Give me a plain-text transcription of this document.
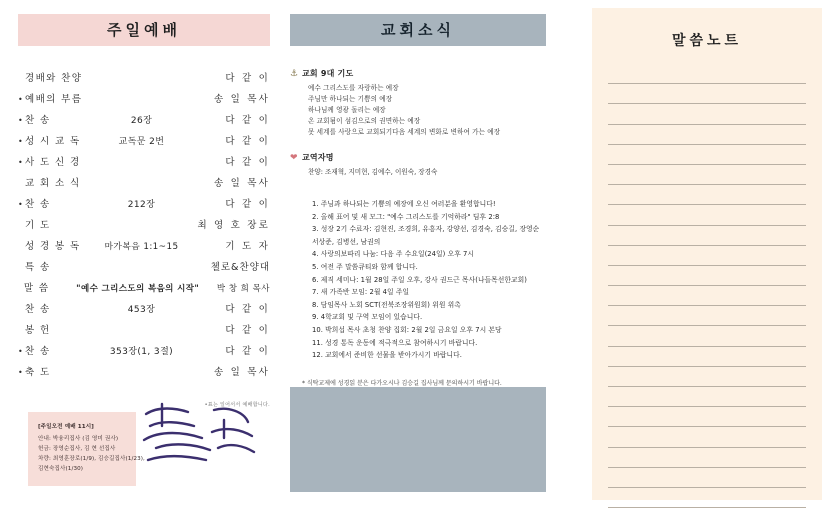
주일예배
경배와 찬양	다 같 이
• 예배의 부름	송 일 목사
• 찬 송	26장	다 같 이
• 성 시 교 독	교독문 2번	다 같 이
• 사 도 신 경	다 같 이
교 회 소 식	송 일 목사
• 찬 송	212장	다 같 이
기 도	최 영 호 장로
성 경 봉 독	마가복음 1:1~15	기 도 자
특 송	첼로&찬양대
말 씀	"예수 그리스도의 복음의 시작"	박 창 희 목사
찬 송	453장	다 같 이
봉 헌	다 같 이
• 찬 송	353장(1, 3절)	다 같 이
• 축 도	송 일 목사
•표는 일어서서 예배합니다.
[주일오전 예배 11시]
안내: 박융리집사 (김 영미 권사)
헌금: 장영순집사, 김 현 선집사
차량: 최영훈장로(1/9), 김승길집사(1/23),
김현숙집사(1/30)
교회소식
⚓ 교회 9대 기도
예수 그리스도를 자랑하는 예장
주님만 하나되는 기쁨의 예장
하나님께 영광 돌리는 예장
온 교회됨이 섬김으로의 권면하는 예장
못 세계를 사랑으로 교회되기다음 세계의 변화로 변하여 가는 예장
❤ 교역자명
찬양: 조재혁, 지미현, 김예수, 이원숙, 장경숙
1. 주님과 하나되는 기쁨의 예장에 오신 여러분을 환영합니다!
2. 올해 표어 및 새 모그: "예수 그리스도를 기억하라" 딤후 2:8
3. 성장 2기 수료자: 김현진, 조경희, 유흥자, 강양선, 김경숙, 김승길, 장영순
서상준, 김병선, 남권의
4. 사랑의보따리 나눔: 다음 주 수요일(24일) 오후 7시
5. 여전 주 말씀큐티와 함께 합니다.
6. 제직 세미나: 1월 28일 주일 오후, 강사 권드근 목사(나들목선한교회)
7. 새 가족반 모임: 2월 4일 주일
8. 담임목사 노회 SCT(전북조장위원회) 위원 위촉
9. 4학교회 및 구역 모임이 있습니다.
10. 박희섭 목사 초청 찬양 집회: 2월 2일 금요일 오후 7시 본당
11. 성경 통독 운동에 적극적으로 참여하시기 바랍니다.
12. 교회에서 준비한 선물을 받아가시기 바랍니다.
* 식탁교제에 성경읽 분은 다가오시나 김승길 집사님께 문의하시기 바랍니다.
말씀노트
